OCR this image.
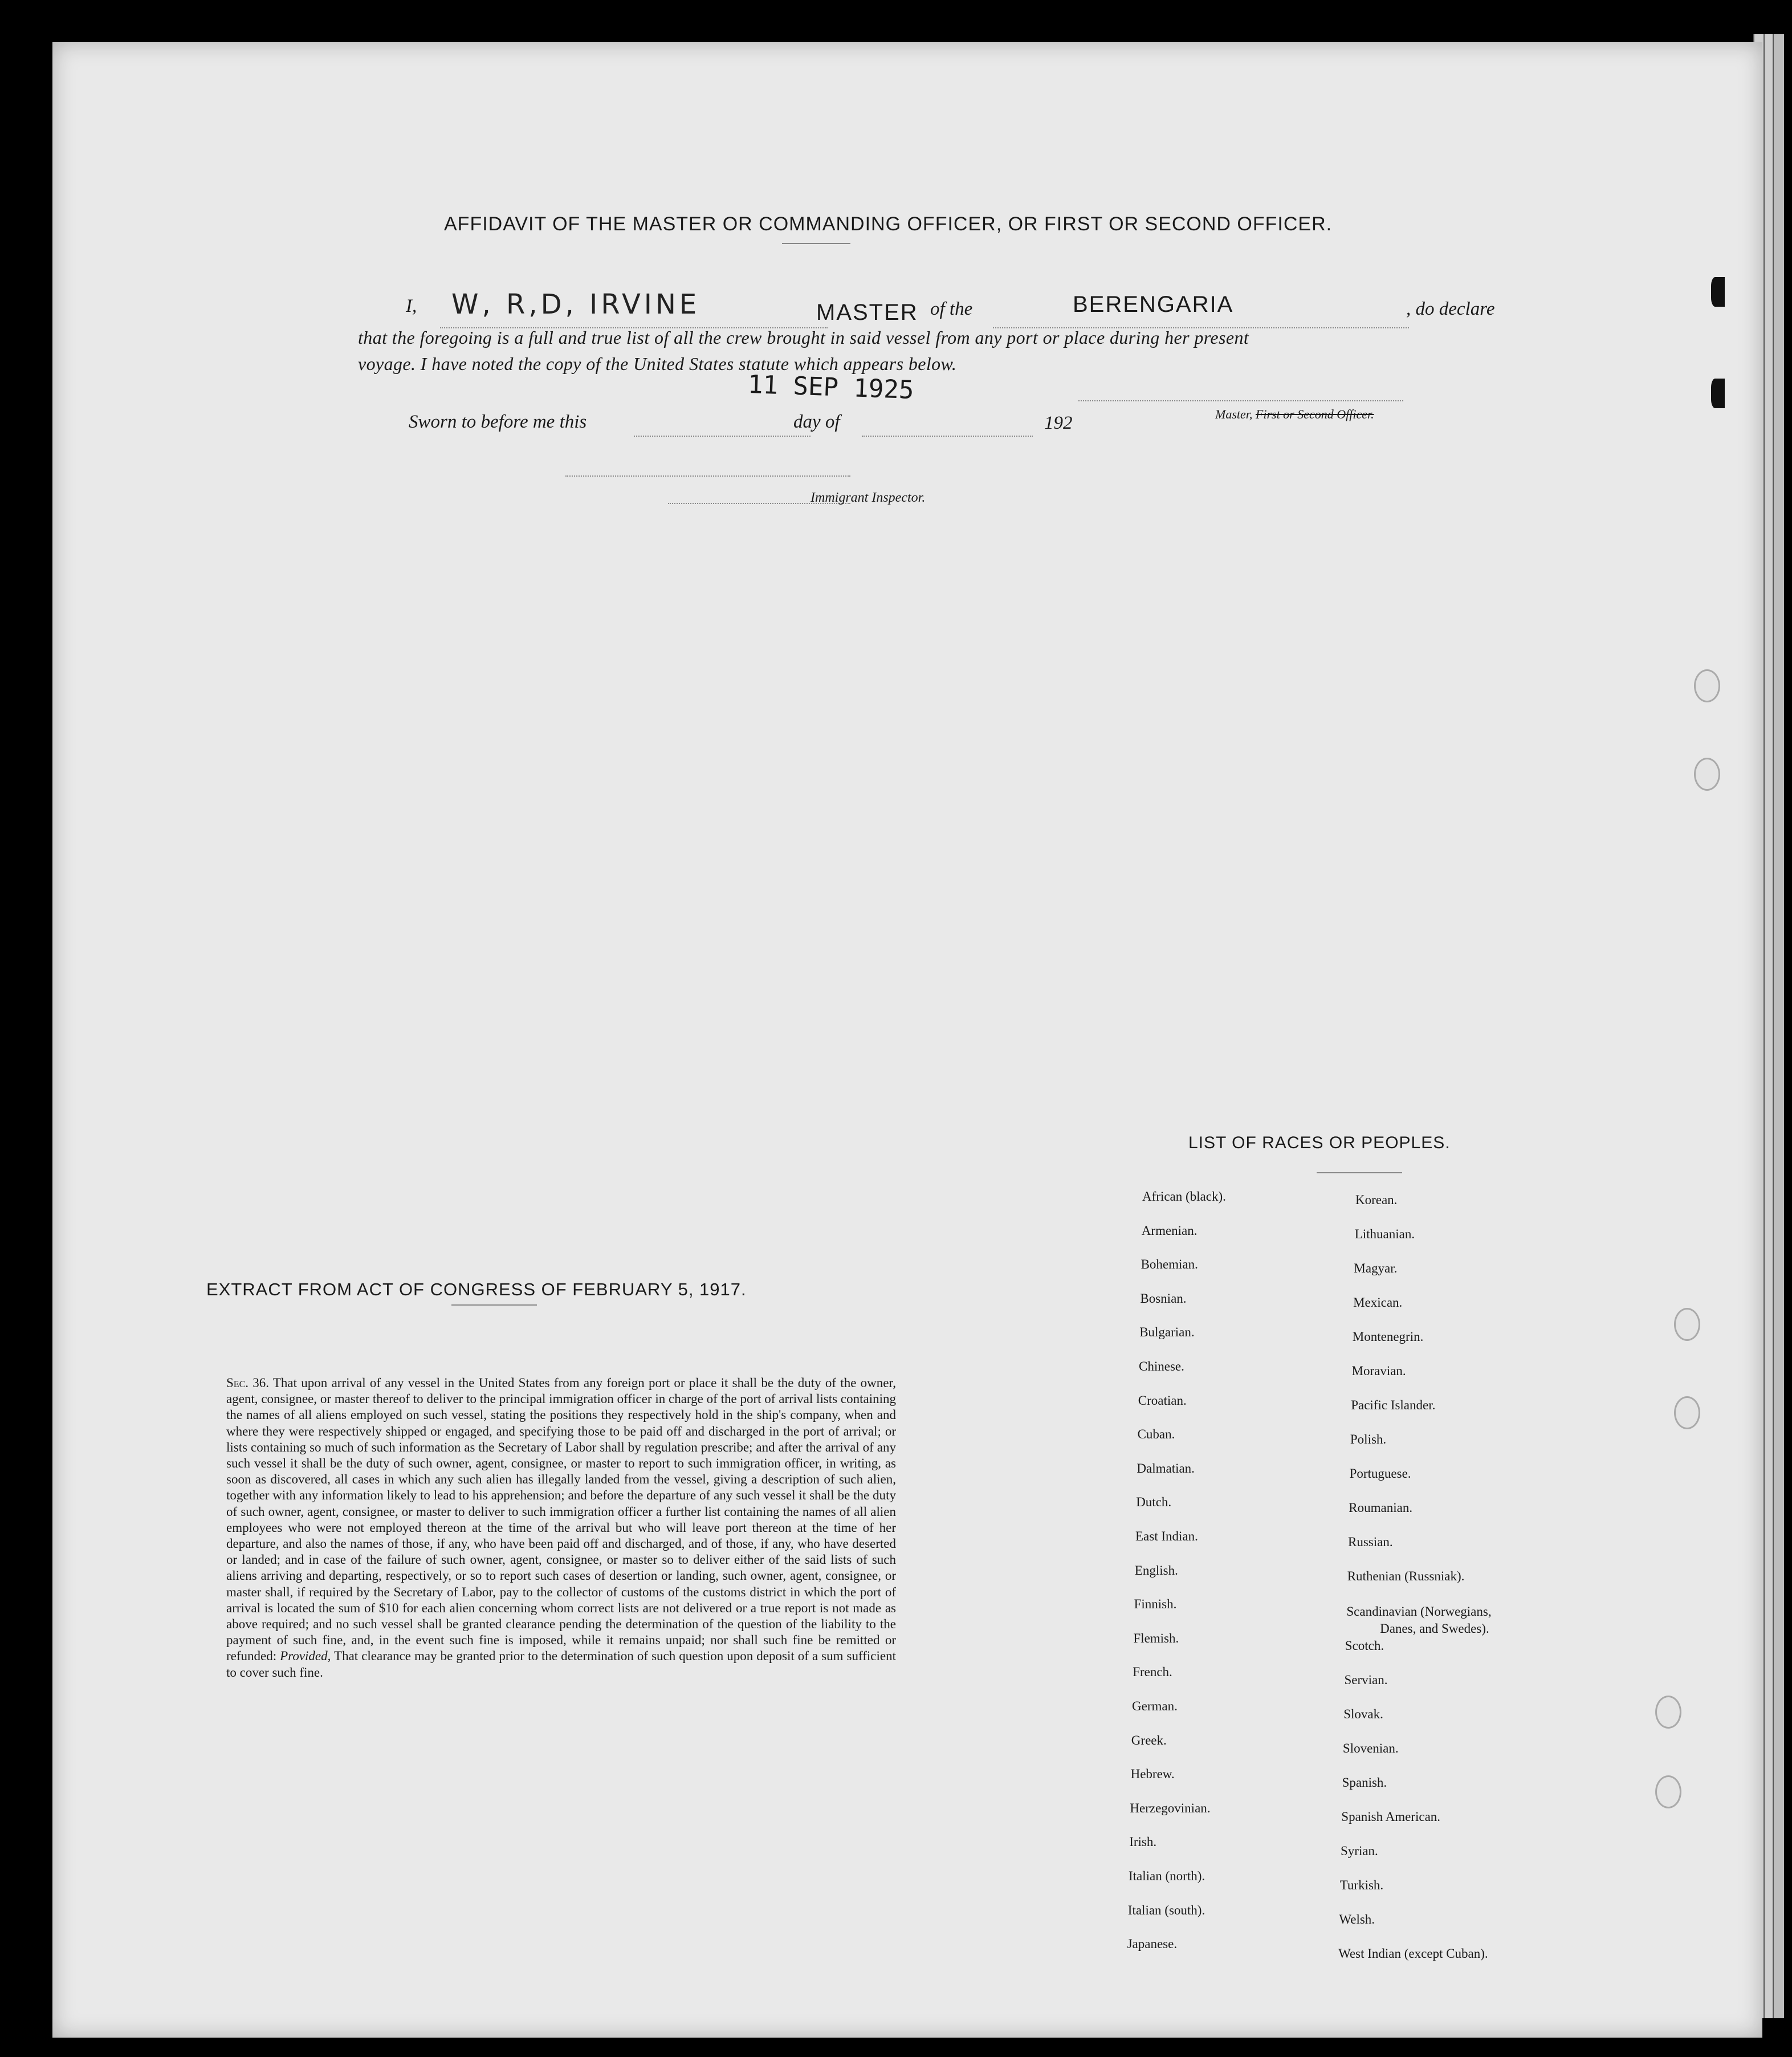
AFFIDAVIT OF THE MASTER OR COMMANDING OFFICER, OR FIRST OR SECOND OFFICER.
I, W, R,D, IRVINE	MASTER of the	BERENGARIA	, do declare
that the foregoing is a full and true list of all the crew brought in said vessel from any port or place during her present
voyage. I have noted the copy of the United States statute which appears below.
11 SEP 1925
Sworn to before me this	day of	192	Master, First or Second Officer.
Immigrant Inspector.
EXTRACT FROM ACT OF CONGRESS OF FEBRUARY 5, 1917.
Sec. 36. That upon arrival of any vessel in the United States from any foreign port or place it shall be the duty of the owner, agent, consignee, or master thereof to deliver to the principal immigration officer in charge of the port of arrival lists containing the names of all aliens employed on such vessel, stating the positions they respectively hold in the ship's company, when and where they were respectively shipped or engaged, and specifying those to be paid off and discharged in the port of arrival; or lists containing so much of such information as the Secretary of Labor shall by regulation prescribe; and after the arrival of any such vessel it shall be the duty of such owner, agent, consignee, or master to report to such immigration officer, in writing, as soon as discovered, all cases in which any such alien has illegally landed from the vessel, giving a description of such alien, together with any information likely to lead to his apprehension; and before the departure of any such vessel it shall be the duty of such owner, agent, consignee, or master to deliver to such immigration officer a further list containing the names of all alien employees who were not employed thereon at the time of the arrival but who will leave port thereon at the time of her departure, and also the names of those, if any, who have been paid off and discharged, and of those, if any, who have deserted or landed; and in case of the failure of such owner, agent, consignee, or master so to deliver either of the said lists of such aliens arriving and departing, respectively, or so to report such cases of desertion or landing, such owner, agent, consignee, or master shall, if required by the Secretary of Labor, pay to the collector of customs of the customs district in which the port of arrival is located the sum of $10 for each alien concerning whom correct lists are not delivered or a true report is not made as above required; and no such vessel shall be granted clearance pending the determination of the question of the liability to the payment of such fine, and, in the event such fine is imposed, while it remains unpaid; nor shall such fine be remitted or refunded: Provided, That clearance may be granted prior to the determination of such question upon deposit of a sum sufficient to cover such fine.
LIST OF RACES OR PEOPLES.
African (black).
Armenian.
Bohemian.
Bosnian.
Bulgarian.
Chinese.
Croatian.
Cuban.
Dalmatian.
Dutch.
East Indian.
English.
Finnish.
Flemish.
French.
German.
Greek.
Hebrew.
Herzegovinian.
Irish.
Italian (north).
Italian (south).
Japanese.
Korean.
Lithuanian.
Magyar.
Mexican.
Montenegrin.
Moravian.
Pacific Islander.
Polish.
Portuguese.
Roumanian.
Russian.
Ruthenian (Russniak).
Scandinavian (Norwegians,
Danes, and Swedes).
Scotch.
Servian.
Slovak.
Slovenian.
Spanish.
Spanish American.
Syrian.
Turkish.
Welsh.
West Indian (except Cuban).
